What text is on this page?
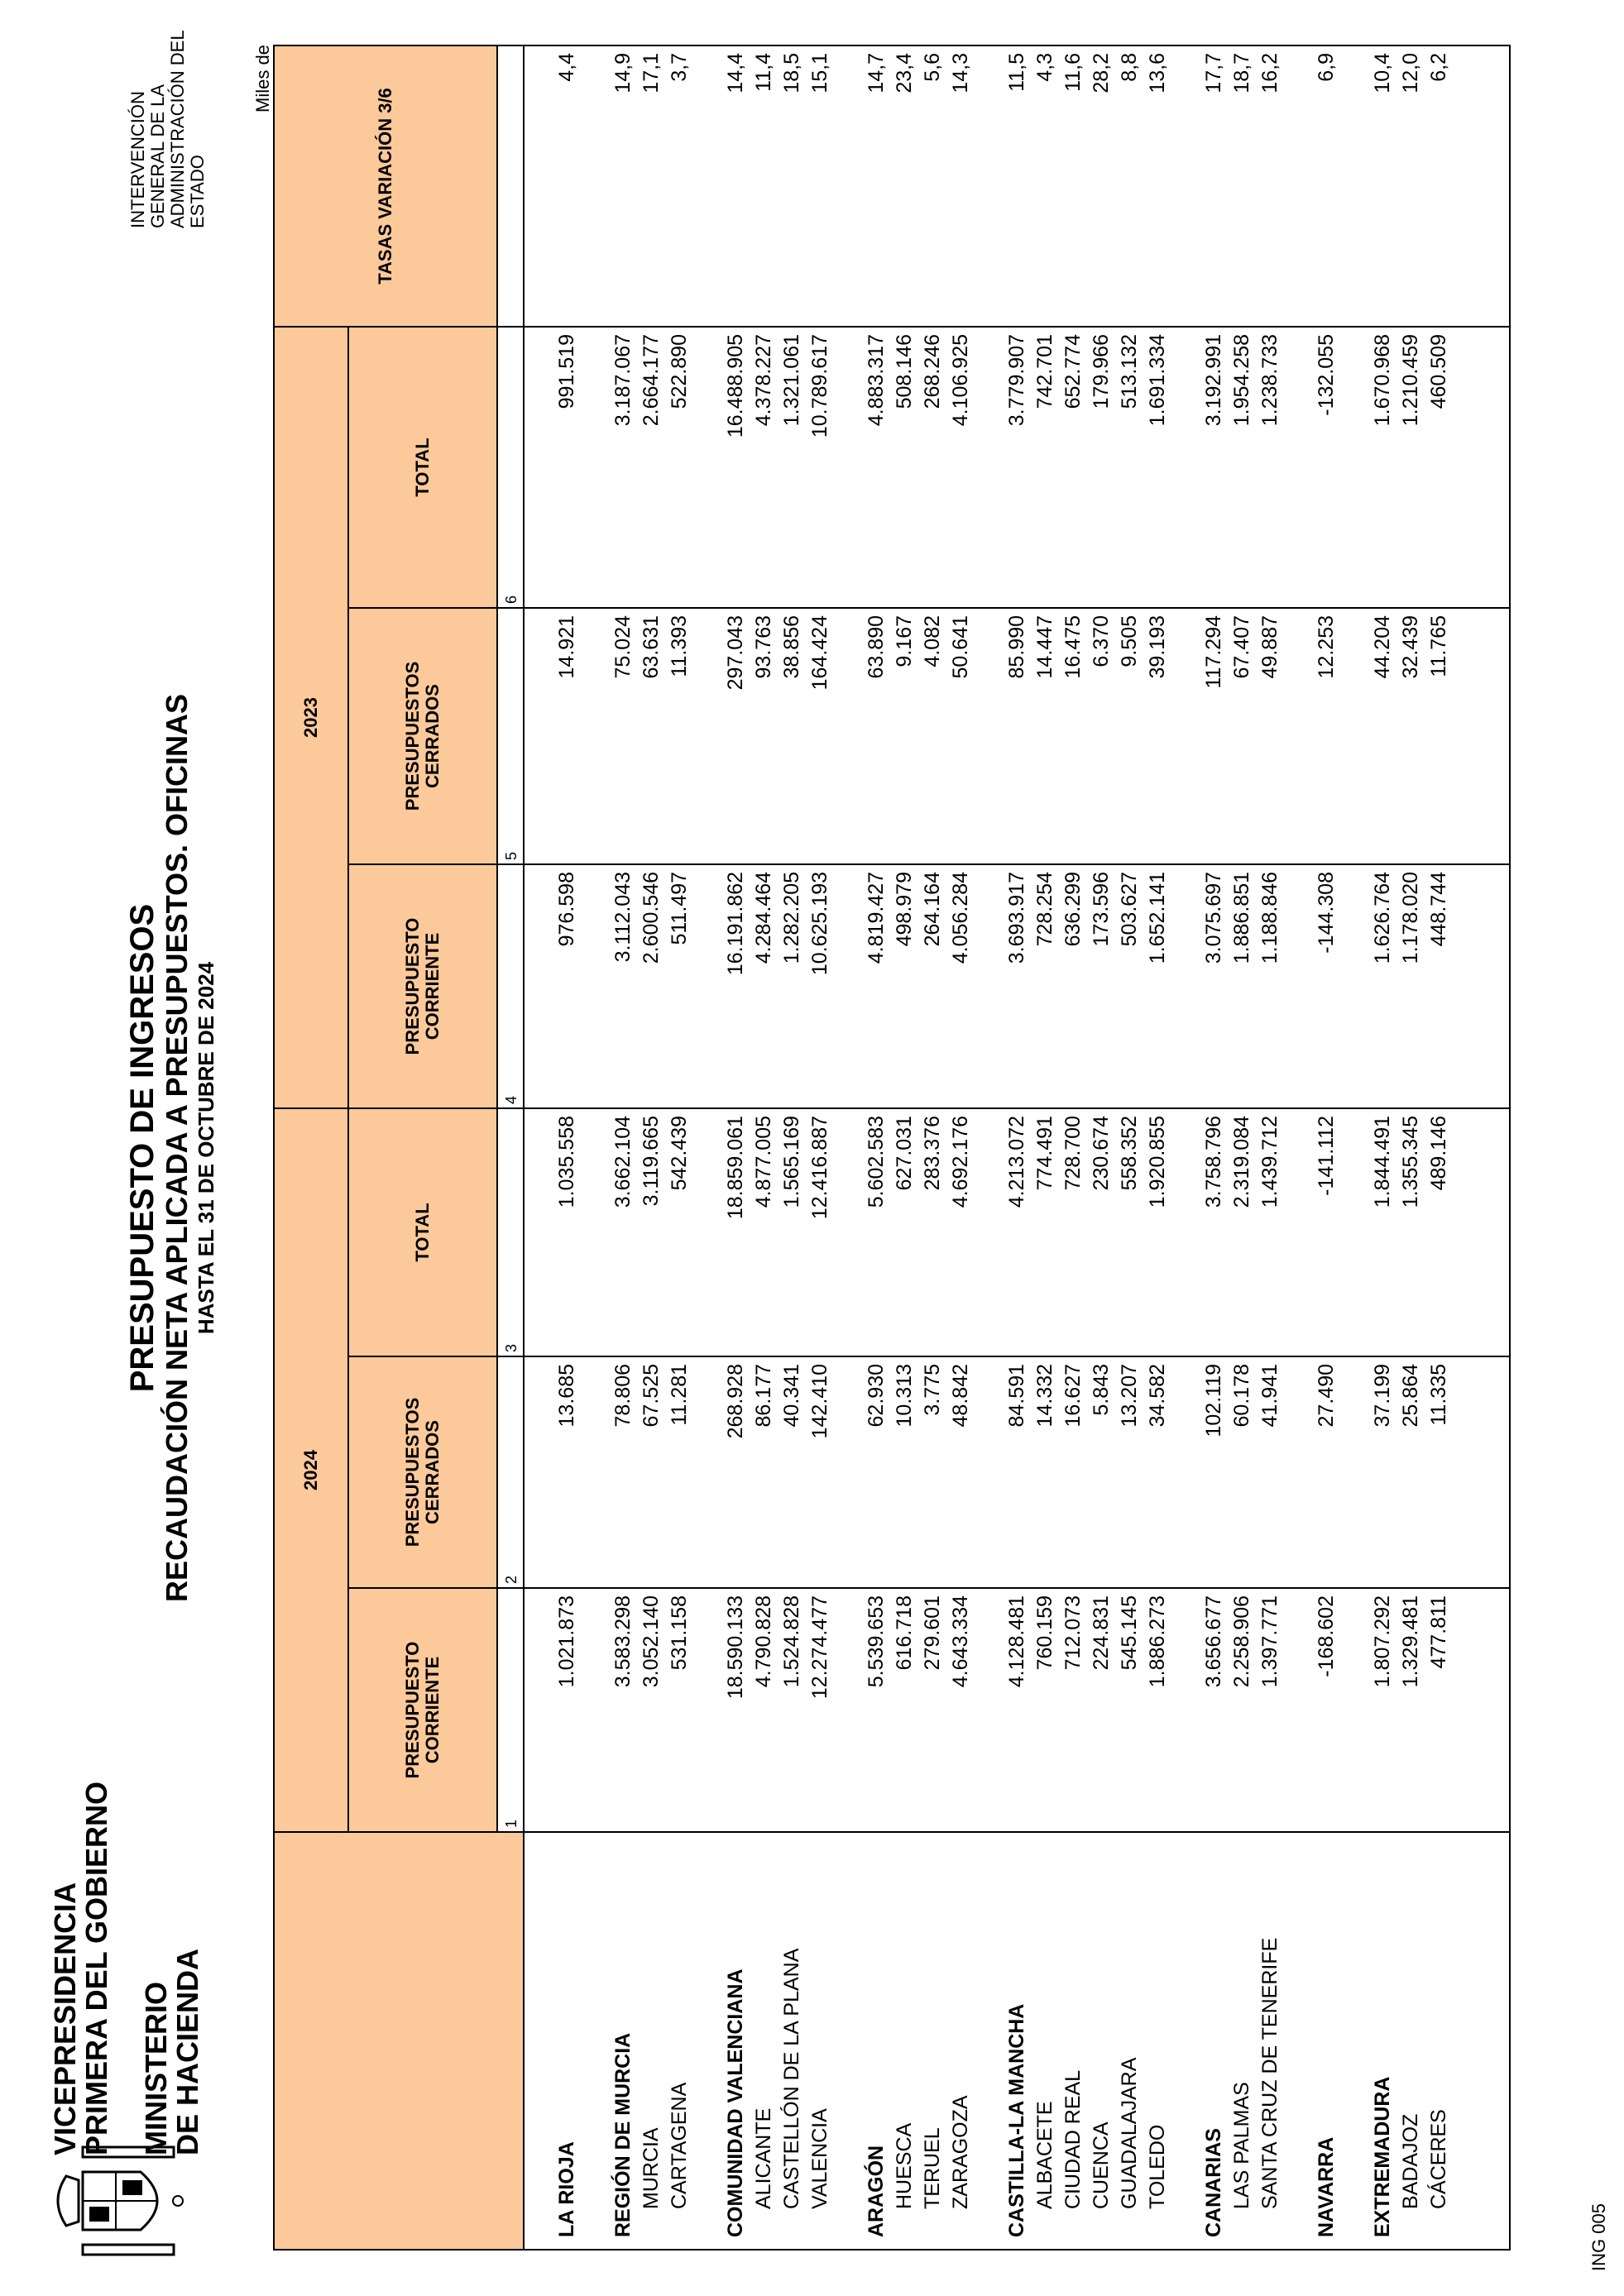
VICEPRESIDENCIA
PRIMERA DEL GOBIERNO MINISTERIO
DE HACIENDA
PRESUPUESTO DE INGRESOS RECAUDACIÓN NETA APLICADA A PRESUPUESTOS. OFICINAS HASTA EL 31 DE OCTUBRE DE 2024
INTERVENCIÓN GENERAL DE LA ADMINISTRACIÓN DEL ESTADO
Miles de
	2024			2023			TASAS VARIACIÓN 3/6
	PRESUPUESTO CORRIENTE	PRESUPUESTOS CERRADOS	TOTAL	PRESUPUESTO CORRIENTE	PRESUPUESTOS CERRADOS	TOTAL	

	1	2	3	4	5	6	

LA RIOJA	1.021.873	13.685	1.035.558	976.598	14.921	991.519	4,4

REGIÓN DE MURCIA	3.583.298	78.806	3.662.104	3.112.043	75.024	3.187.067	14,9
MURCIA	3.052.140	67.525	3.119.665	2.600.546	63.631	2.664.177	17,1
CARTAGENA	531.158	11.281	542.439	511.497	11.393	522.890	3,7

COMUNIDAD VALENCIANA	18.590.133	268.928	18.859.061	16.191.862	297.043	16.488.905	14,4
ALICANTE	4.790.828	86.177	4.877.005	4.284.464	93.763	4.378.227	11,4
CASTELLÓN DE LA PLANA	1.524.828	40.341	1.565.169	1.282.205	38.856	1.321.061	18,5
VALENCIA	12.274.477	142.410	12.416.887	10.625.193	164.424	10.789.617	15,1

ARAGÓN	5.539.653	62.930	5.602.583	4.819.427	63.890	4.883.317	14,7
HUESCA	616.718	10.313	627.031	498.979	9.167	508.146	23,4
TERUEL	279.601	3.775	283.376	264.164	4.082	268.246	5,6
ZARAGOZA	4.643.334	48.842	4.692.176	4.056.284	50.641	4.106.925	14,3

CASTILLA-LA MANCHA	4.128.481	84.591	4.213.072	3.693.917	85.990	3.779.907	11,5
ALBACETE	760.159	14.332	774.491	728.254	14.447	742.701	4,3
CIUDAD REAL	712.073	16.627	728.700	636.299	16.475	652.774	11,6
CUENCA	224.831	5.843	230.674	173.596	6.370	179.966	28,2
GUADALAJARA	545.145	13.207	558.352	503.627	9.505	513.132	8,8
TOLEDO	1.886.273	34.582	1.920.855	1.652.141	39.193	1.691.334	13,6

CANARIAS	3.656.677	102.119	3.758.796	3.075.697	117.294	3.192.991	17,7
LAS PALMAS	2.258.906	60.178	2.319.084	1.886.851	67.407	1.954.258	18,7
SANTA CRUZ DE TENERIFE	1.397.771	41.941	1.439.712	1.188.846	49.887	1.238.733	16,2

NAVARRA	-168.602	27.490	-141.112	-144.308	12.253	-132.055	6,9

EXTREMADURA	1.807.292	37.199	1.844.491	1.626.764	44.204	1.670.968	10,4
BADAJOZ	1.329.481	25.864	1.355.345	1.178.020	32.439	1.210.459	12,0
CÁCERES	477.811	11.335	489.146	448.744	11.765	460.509	6,2

ING 005
